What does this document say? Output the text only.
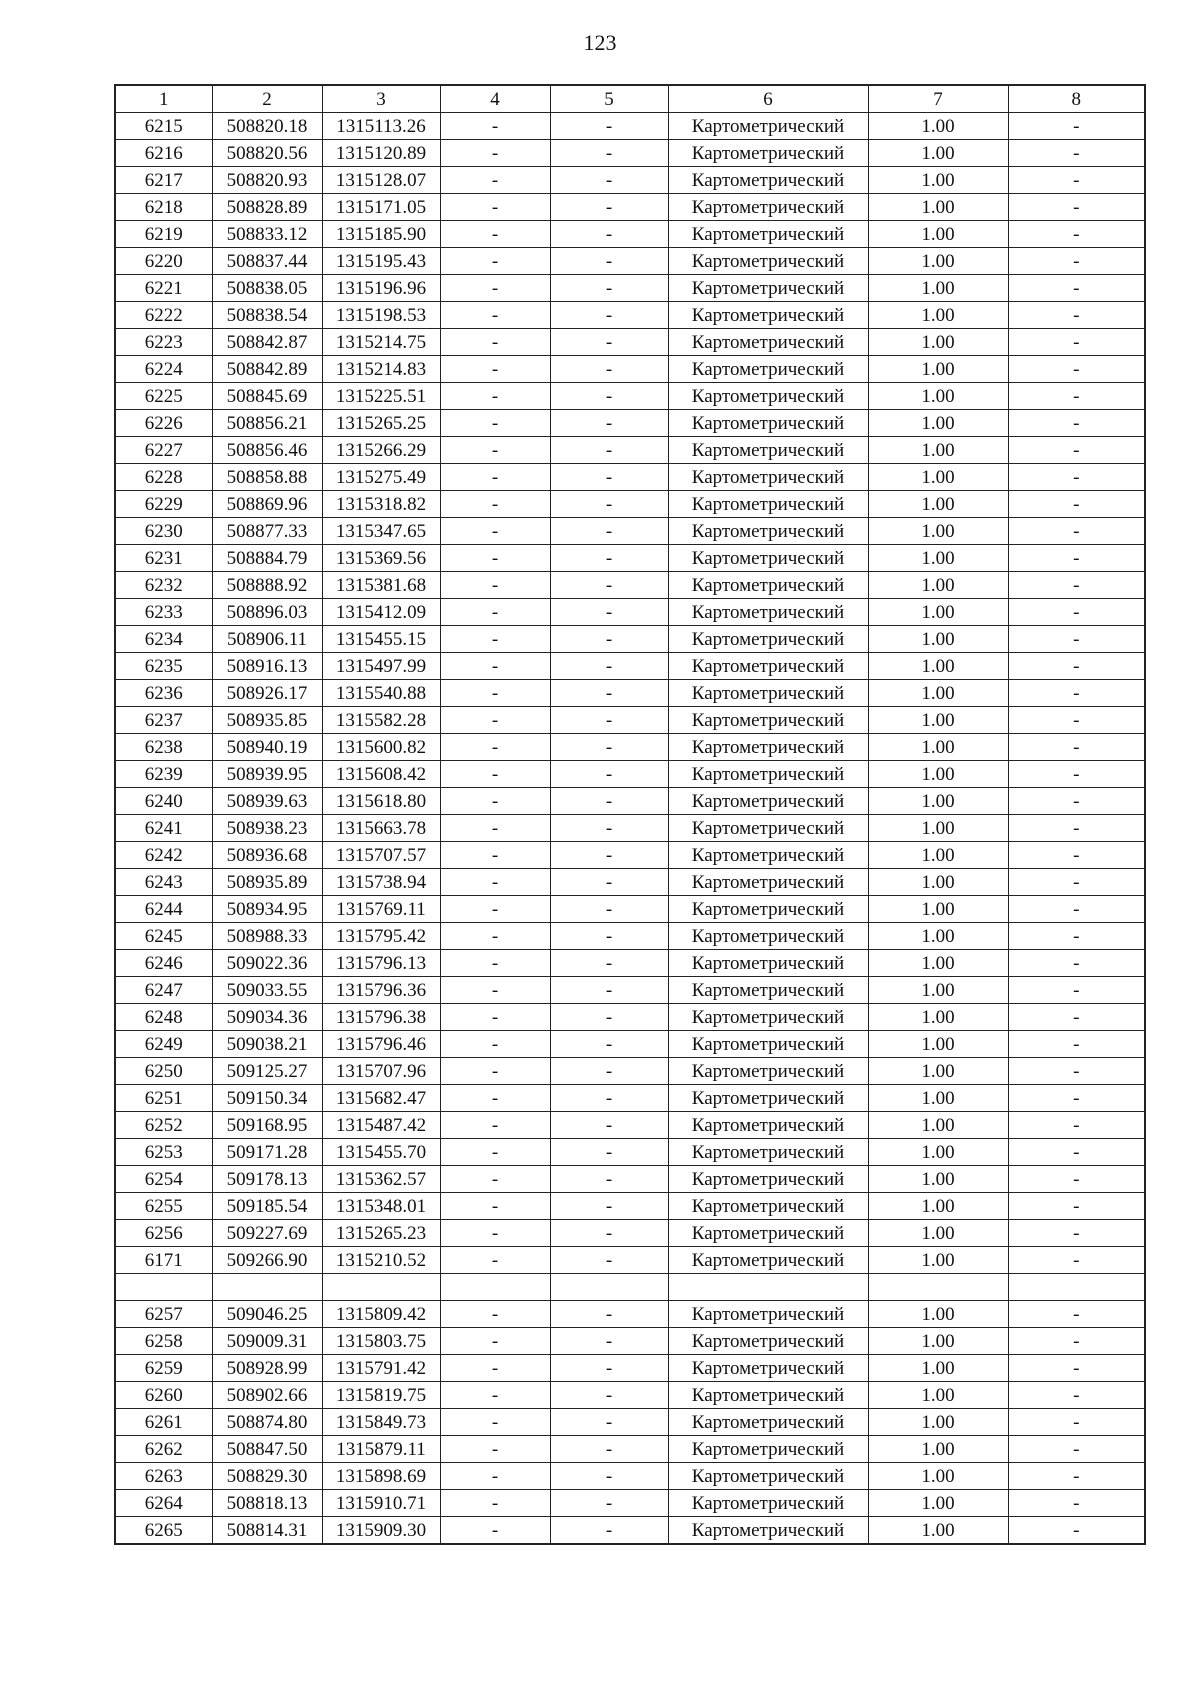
123
1	2	3	4	5	6	7	8
6215	508820.18	1315113.26	-	-	Картометрический	1.00	-
6216	508820.56	1315120.89	-	-	Картометрический	1.00	-
6217	508820.93	1315128.07	-	-	Картометрический	1.00	-
6218	508828.89	1315171.05	-	-	Картометрический	1.00	-
6219	508833.12	1315185.90	-	-	Картометрический	1.00	-
6220	508837.44	1315195.43	-	-	Картометрический	1.00	-
6221	508838.05	1315196.96	-	-	Картометрический	1.00	-
6222	508838.54	1315198.53	-	-	Картометрический	1.00	-
6223	508842.87	1315214.75	-	-	Картометрический	1.00	-
6224	508842.89	1315214.83	-	-	Картометрический	1.00	-
6225	508845.69	1315225.51	-	-	Картометрический	1.00	-
6226	508856.21	1315265.25	-	-	Картометрический	1.00	-
6227	508856.46	1315266.29	-	-	Картометрический	1.00	-
6228	508858.88	1315275.49	-	-	Картометрический	1.00	-
6229	508869.96	1315318.82	-	-	Картометрический	1.00	-
6230	508877.33	1315347.65	-	-	Картометрический	1.00	-
6231	508884.79	1315369.56	-	-	Картометрический	1.00	-
6232	508888.92	1315381.68	-	-	Картометрический	1.00	-
6233	508896.03	1315412.09	-	-	Картометрический	1.00	-
6234	508906.11	1315455.15	-	-	Картометрический	1.00	-
6235	508916.13	1315497.99	-	-	Картометрический	1.00	-
6236	508926.17	1315540.88	-	-	Картометрический	1.00	-
6237	508935.85	1315582.28	-	-	Картометрический	1.00	-
6238	508940.19	1315600.82	-	-	Картометрический	1.00	-
6239	508939.95	1315608.42	-	-	Картометрический	1.00	-
6240	508939.63	1315618.80	-	-	Картометрический	1.00	-
6241	508938.23	1315663.78	-	-	Картометрический	1.00	-
6242	508936.68	1315707.57	-	-	Картометрический	1.00	-
6243	508935.89	1315738.94	-	-	Картометрический	1.00	-
6244	508934.95	1315769.11	-	-	Картометрический	1.00	-
6245	508988.33	1315795.42	-	-	Картометрический	1.00	-
6246	509022.36	1315796.13	-	-	Картометрический	1.00	-
6247	509033.55	1315796.36	-	-	Картометрический	1.00	-
6248	509034.36	1315796.38	-	-	Картометрический	1.00	-
6249	509038.21	1315796.46	-	-	Картометрический	1.00	-
6250	509125.27	1315707.96	-	-	Картометрический	1.00	-
6251	509150.34	1315682.47	-	-	Картометрический	1.00	-
6252	509168.95	1315487.42	-	-	Картометрический	1.00	-
6253	509171.28	1315455.70	-	-	Картометрический	1.00	-
6254	509178.13	1315362.57	-	-	Картометрический	1.00	-
6255	509185.54	1315348.01	-	-	Картометрический	1.00	-
6256	509227.69	1315265.23	-	-	Картометрический	1.00	-
6171	509266.90	1315210.52	-	-	Картометрический	1.00	-

6257	509046.25	1315809.42	-	-	Картометрический	1.00	-
6258	509009.31	1315803.75	-	-	Картометрический	1.00	-
6259	508928.99	1315791.42	-	-	Картометрический	1.00	-
6260	508902.66	1315819.75	-	-	Картометрический	1.00	-
6261	508874.80	1315849.73	-	-	Картометрический	1.00	-
6262	508847.50	1315879.11	-	-	Картометрический	1.00	-
6263	508829.30	1315898.69	-	-	Картометрический	1.00	-
6264	508818.13	1315910.71	-	-	Картометрический	1.00	-
6265	508814.31	1315909.30	-	-	Картометрический	1.00	-
